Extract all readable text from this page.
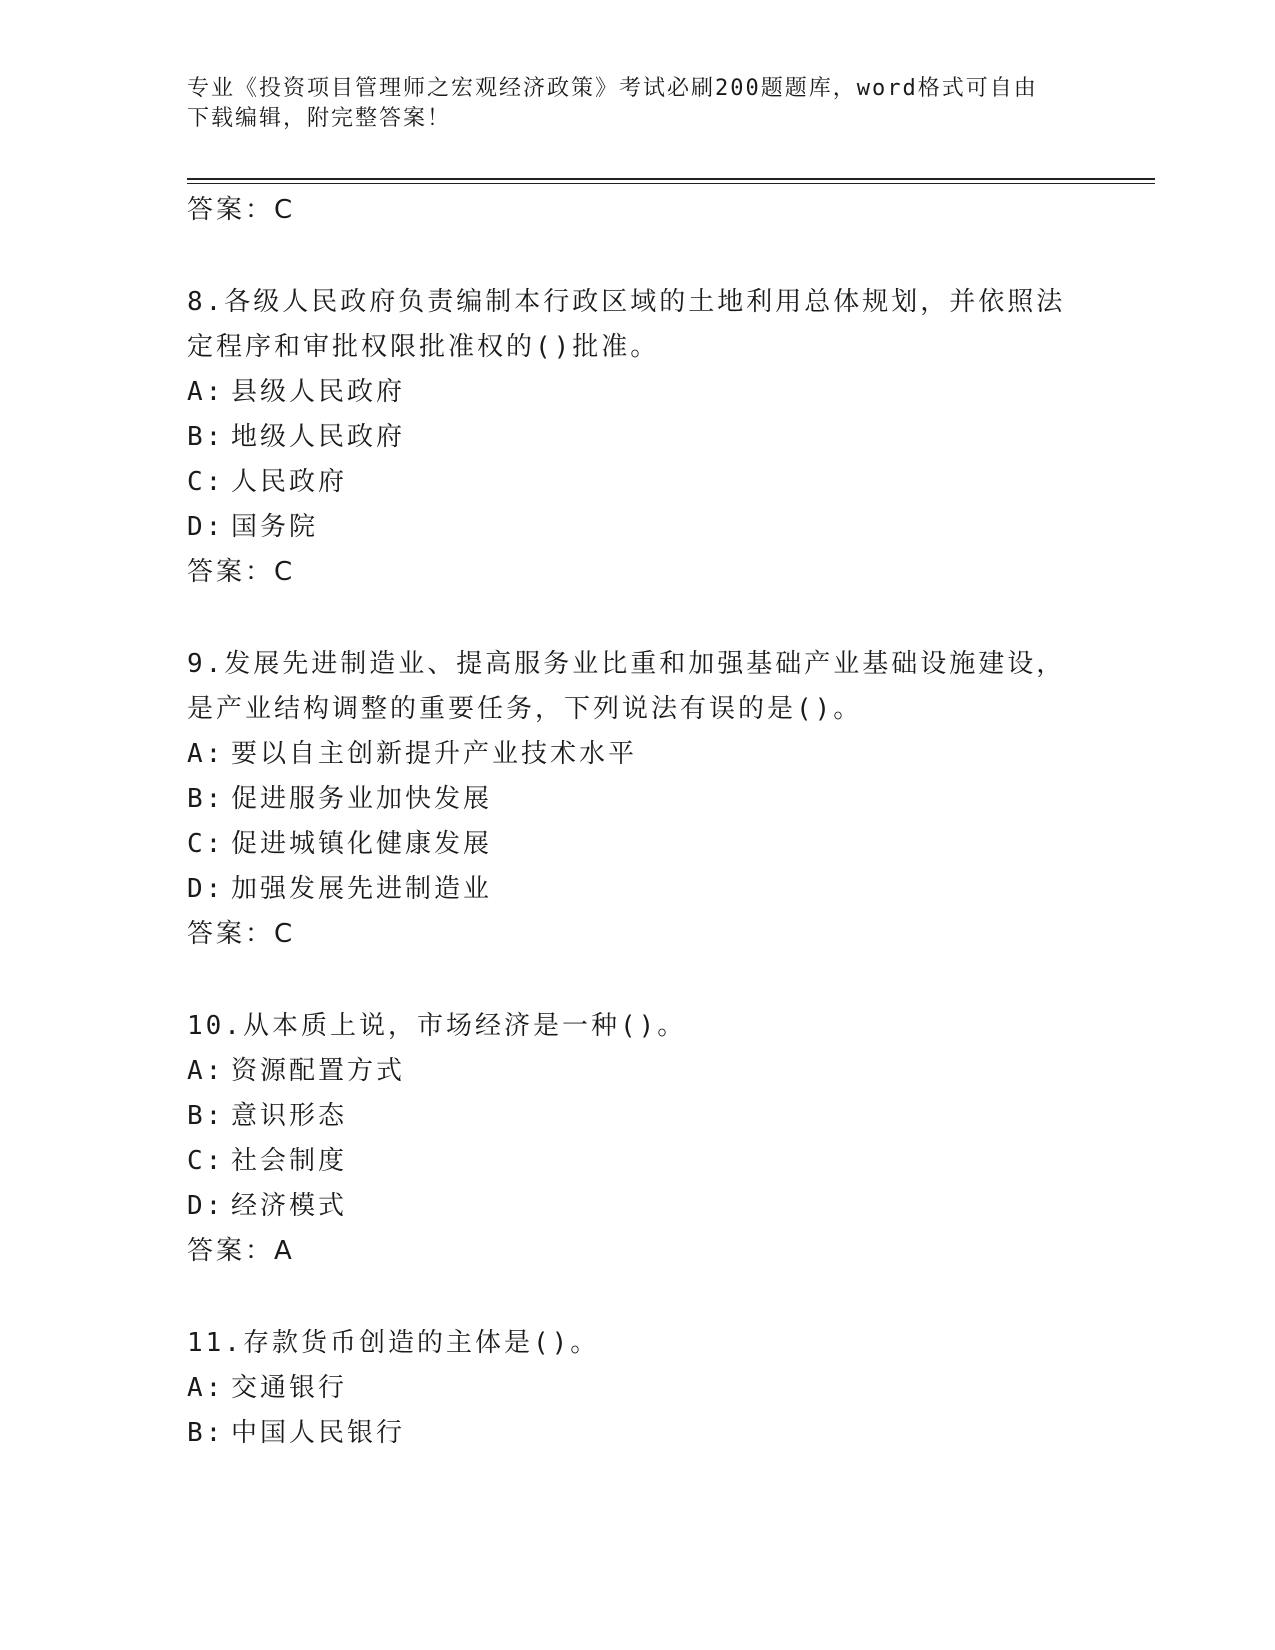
专业《投资项目管理师之宏观经济政策》考试必刷200题题库，word格式可自由
下载编辑，附完整答案！
答案：C
8.各级人民政府负责编制本行政区域的土地利用总体规划，并依照法
定程序和审批权限批准权的()批准。
A: 县级人民政府
B: 地级人民政府
C: 人民政府
D: 国务院
答案：C
9.发展先进制造业、提高服务业比重和加强基础产业基础设施建设，
是产业结构调整的重要任务，下列说法有误的是()。
A: 要以自主创新提升产业技术水平
B: 促进服务业加快发展
C: 促进城镇化健康发展
D: 加强发展先进制造业
答案：C
10.从本质上说，市场经济是一种()。
A: 资源配置方式
B: 意识形态
C: 社会制度
D: 经济模式
答案：A
11.存款货币创造的主体是()。
A: 交通银行
B: 中国人民银行
